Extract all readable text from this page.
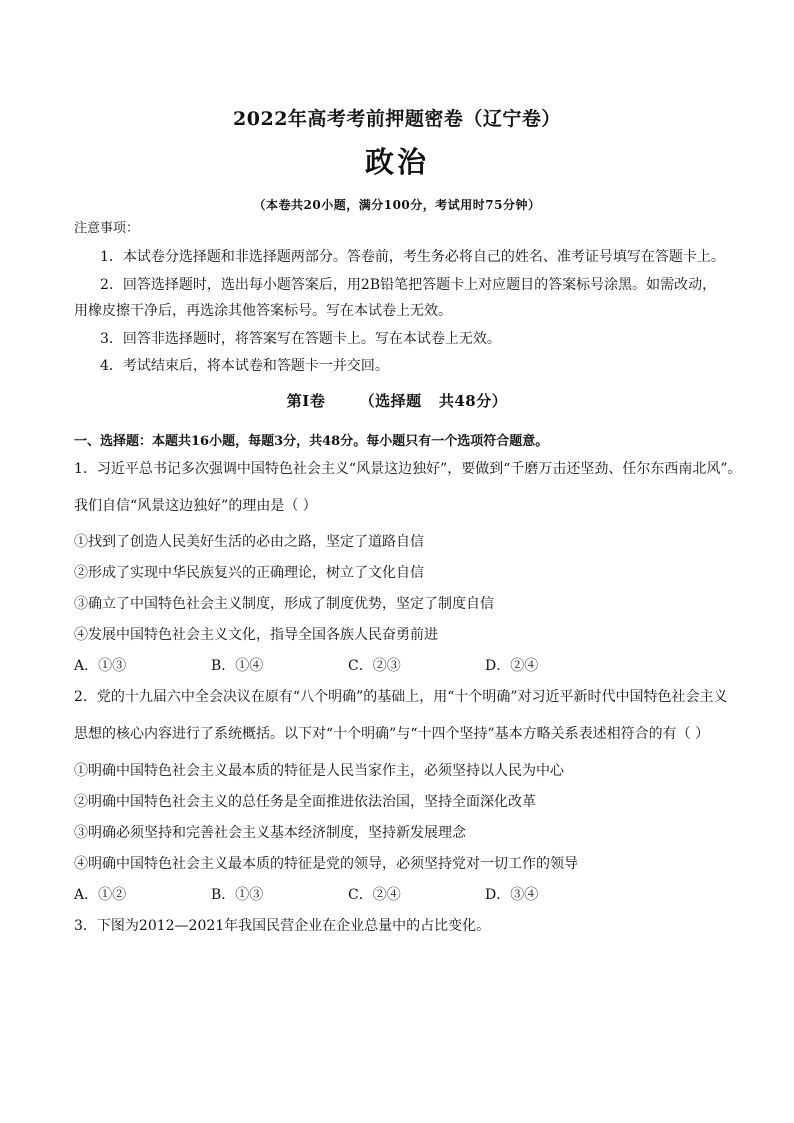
2022年高考考前押题密卷（辽宁卷）
政治
（本卷共20小题，满分100分，考试用时75分钟）
注意事项：
1．本试卷分选择题和非选择题两部分。答卷前，考生务必将自己的姓名、准考证号填写在答题卡上。
2．回答选择题时，选出每小题答案后，用2B铅笔把答题卡上对应题目的答案标号涂黑。如需改动，
用橡皮擦干净后，再选涂其他答案标号。写在本试卷上无效。
3．回答非选择题时，将答案写在答题卡上。写在本试卷上无效。
4．考试结束后，将本试卷和答题卡一并交回。
第Ⅰ卷      （选择题   共48分）
一、选择题：本题共16小题，每题3分，共48分。每小题只有一个选项符合题意。
1．习近平总书记多次强调中国特色社会主义“风景这边独好”，要做到“千磨万击还坚劲、任尔东西南北风”。
我们自信“风景这边独好”的理由是（ ）
①找到了创造人民美好生活的必由之路，坚定了道路自信
②形成了实现中华民族复兴的正确理论，树立了文化自信
③确立了中国特色社会主义制度，形成了制度优势，坚定了制度自信
④发展中国特色社会主义文化，指导全国各族人民奋勇前进
A．①③	B．①④	C．②③	D．②④
2．党的十九届六中全会决议在原有“八个明确”的基础上，用“十个明确”对习近平新时代中国特色社会主义
思想的核心内容进行了系统概括。以下对“十个明确”与“十四个坚持”基本方略关系表述相符合的有（ ）
①明确中国特色社会主义最本质的特征是人民当家作主，必须坚持以人民为中心
②明确中国特色社会主义的总任务是全面推进依法治国，坚持全面深化改革
③明确必须坚持和完善社会主义基本经济制度，坚持新发展理念
④明确中国特色社会主义最本质的特征是党的领导，必须坚持党对一切工作的领导
A．①②	B．①③	C．②④	D．③④
3．下图为2012—2021年我国民营企业在企业总量中的占比变化。
